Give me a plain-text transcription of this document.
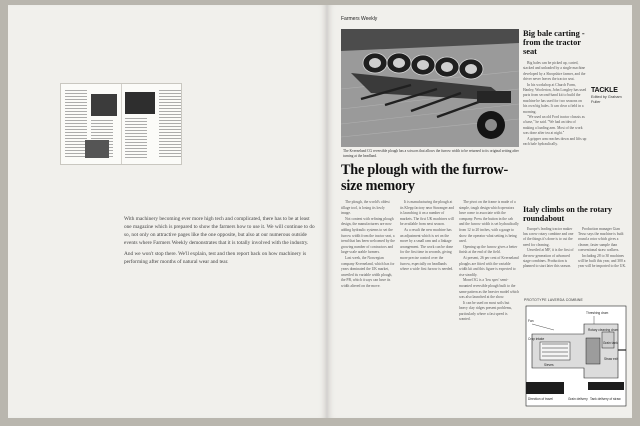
With machinery becoming ever more high tech and complicated, there has to be at least one magazine which is prepared to show the farmers how to use it. We will continue to do so, not only on attractive pages like the one opposite, but also at our numerous outside events where Farmers Weekly demonstrates that it is totally involved with the industry.

And we won't stop there. We'll explain, test and then report back on how machinery is performing after months of natural wear and tear.

Farmers Weekly
The Kverneland CG reversible plough has a scissors that allows the furrow width to be returned to its original setting after turning at the headland.
The plough with the furrow-size memory

The plough, the world's oldest tillage tool, is losing its lowly image.

Not content with refining plough design, the manufacturers are now adding hydraulic systems to set the furrow width from the tractor seat, a trend that has been welcomed by the growing number of contractors and large-scale arable farmers.

Last week, the Norwegian company Kverneland, which has for years dominated the UK market, unveiled its variable width plough, the PB, which it says can have its width altered on the move.

It is manufacturing the plough at its Klepp factory near Stavanger and is launching it on a number of markets. The first UK machines will be available from next season.

As a result the new machine has an adjustment which is set on the move by a small ram and a linkage arrangement. The work can be done for the first time in seconds, giving more precise control over the furrow, especially on headlands where a wide first furrow is needed.

The pivot on the frame is made of a simple, tough design which operators have come to associate with the company. Press the button in the cab and the furrow width is set hydraulically from 12 to 20 inches, with a gauge to show the operator what setting is being used.

Opening up the furrow gives a better finish at the end of the field.

At present, 26 per cent of Kverneland ploughs are fitted with the variable width kit and this figure is expected to rise steadily.

Monel 3G is a 'low spec' semi-mounted reversible plough built to the same pattern as the heavier model which was also launched at the show.

It can be used on most soils but heavy clay ridges present problems, particularly where a fast speed is wanted.

Big bale carting - from the tractor seat

Big bales can be picked up, carted, stacked and unloaded by a single machine developed by a Shropshire farmer, and the driver never leaves the tractor seat.

In his workshop at Church Farm, Hanley, Woolerton, John Longley has used parts from second-hand kit to build the machine he has used for two seasons on his own big bales. It can clear a field in a morning.

"We used an old Ford tractor chassis as a base," he said. "We had an idea of making a loading arm. Most of the work was done after tea at night."

A gripper arm reaches down and lifts up each bale hydraulically.

TACKLE
Edited by Graham Fuller
Italy climbs on the rotary roundabout

Europe's leading tractor maker has a new rotary combine and one of the things it's done is to cut the need for cleaning.

Unveiled at MF, it is the first of the new generation of advanced stage combines. Production is planned to start later this season.

Production manager Gian Tesso says the machine is built round a rotor which gives a cleaner, faster sample than conventional straw walkers.

Including 28 to 30 machines will be built this year, and 300 a year will be imported to the UK.

PROTOTYPE LAVERDA COMBINE
Threshing drum
Rotary cleaning drum
Fan
Grain tank
Straw exit
Crop intake
Sieves
Direction of travel	Grain delivery Tank delivery of straw
